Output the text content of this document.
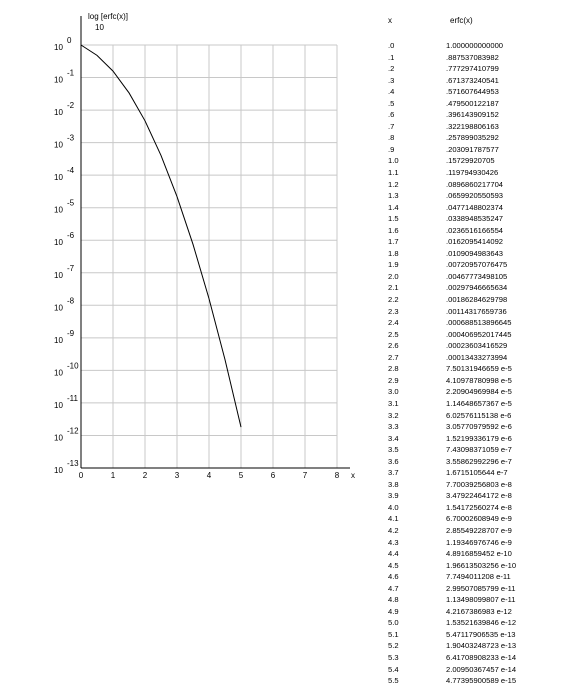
0	1	2	3	4	5	6	7	8
10
0
10
-1
10
-2
10
-3
10
-4
10
-5
10
-6
10
-7
10
-8
10
-9
10
-10
10
-11
10
-12
10
-13
log [erfc(x)]
10
x
x	erfc(x)
.0	1.000000000000
.1	.887537083982
.2	.777297410799
.3	.671373240541
.4	.571607644953
.5	.479500122187
.6	.396143909152
.7	.322198806163
.8	.257899035292
.9	.203091787577
1.0	.15729920705
1.1	.119794930426
1.2	.0896860217704
1.3	.0659920550593
1.4	.0477148802374
1.5	.0338948535247
1.6	.0236516166554
1.7	.0162095414092
1.8	.0109094983643
1.9	.00720957076475
2.0	.00467773498105
2.1	.00297946665634
2.2	.00186284629798
2.3	.00114317659736
2.4	.000688513896645
2.5	.000406952017445
2.6	.00023603416529
2.7	.00013433273994
2.8	7.50131946659 e-5
2.9	4.10978780998 e-5
3.0	2.20904969984 e-5
3.1	1.14648657367 e-5
3.2	6.02576115138 e-6
3.3	3.05770979592 e-6
3.4	1.52199336179 e-6
3.5	7.43098371059 e-7
3.6	3.55862992296 e-7
3.7	1.6715105644 e-7
3.8	7.70039256803 e-8
3.9	3.47922464172 e-8
4.0	1.54172560274 e-8
4.1	6.70002608949 e-9
4.2	2.85549228707 e-9
4.3	1.19346976746 e-9
4.4	4.8916859452 e-10
4.5	1.96613503256 e-10
4.6	7.7494011208 e-11
4.7	2.99507085799 e-11
4.8	1.13498099807 e-11
4.9	4.2167386983 e-12
5.0	1.53521639846 e-12
5.1	5.47117906535 e-13
5.2	1.90403248723 e-13
5.3	6.41708908233 e-14
5.4	2.00950367457 e-14
5.5	4.77395900589 e-15
